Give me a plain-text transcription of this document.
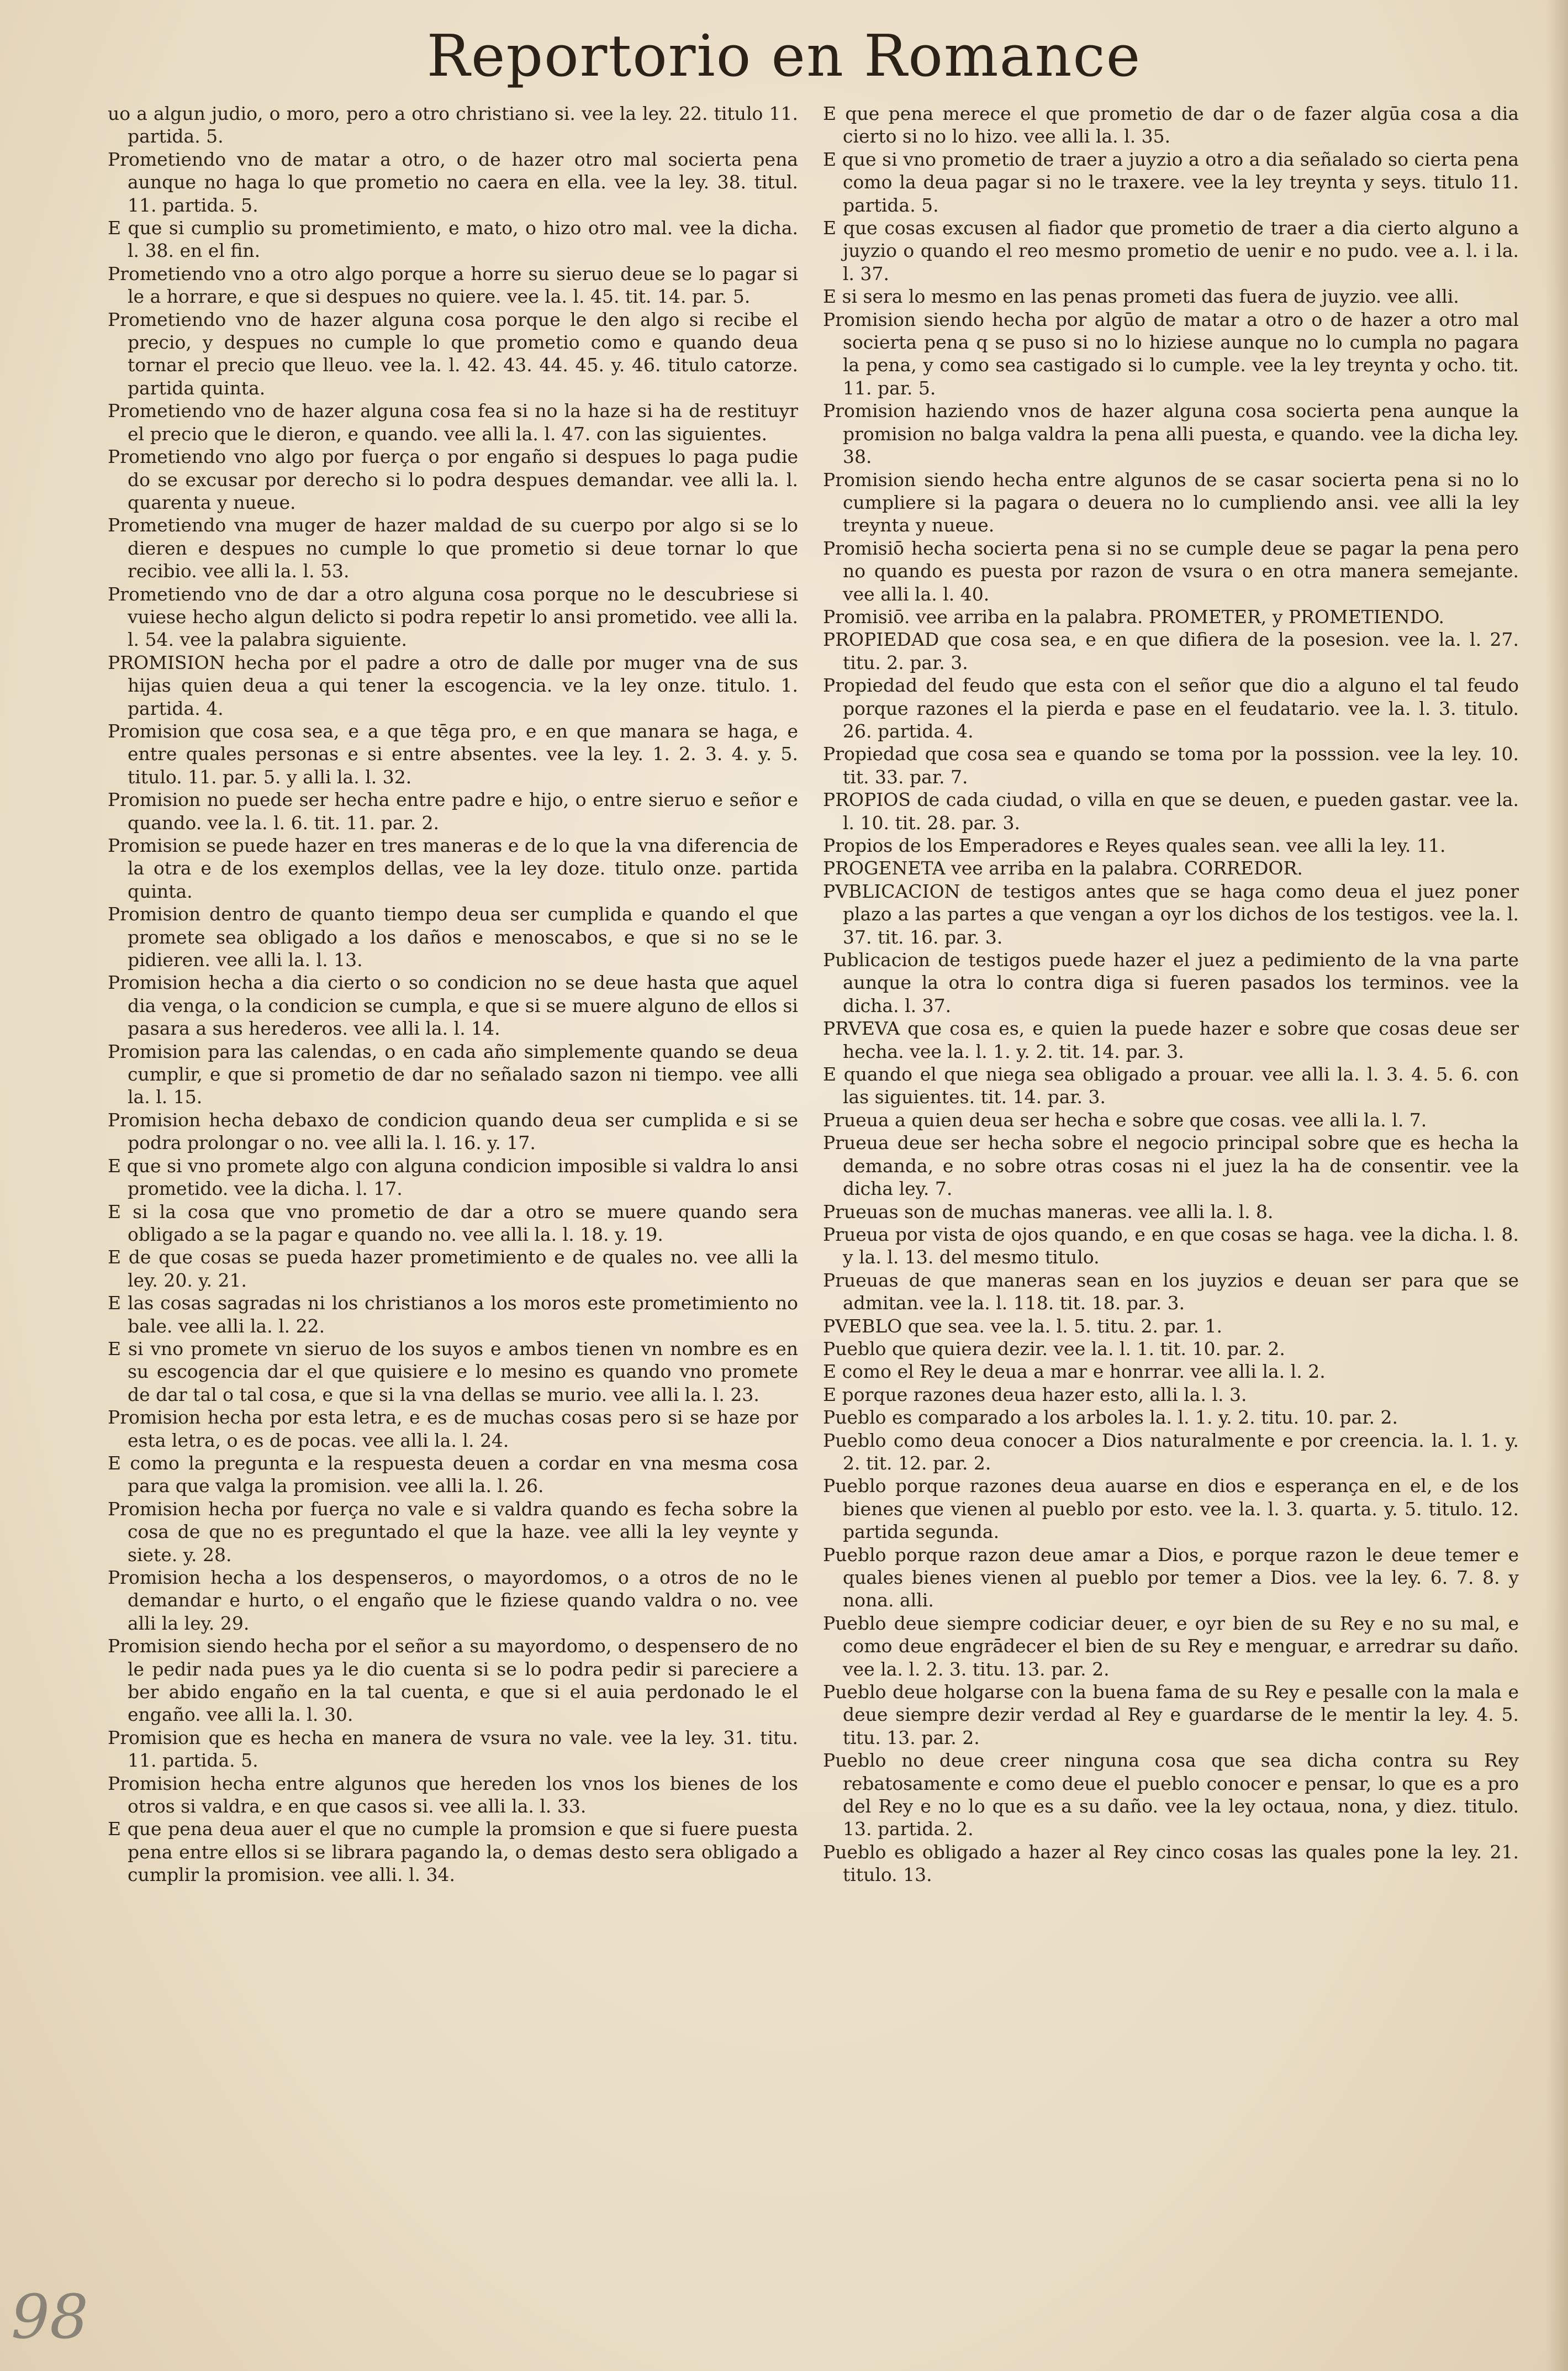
Reportorio en Romance
uo a algun judio, o moro, pero a otro christiano si. vee la ley. 22. titulo 11. partida. 5.
Prometiendo vno de matar a otro, o de hazer otro mal socierta pena aunque no haga lo que prometio no caera en ella. vee la ley. 38. titul. 11. partida. 5.
E que si cumplio su prometimiento, e mato, o hizo otro mal. vee la dicha. l. 38. en el fin.
Prometiendo vno a otro algo porque a horre su sieruo deue se lo pagar si le a horrare, e que si despues no quiere. vee la. l. 45. tit. 14. par. 5.
Prometiendo vno de hazer alguna cosa porque le den algo si recibe el precio, y despues no cumple lo que prometio como e quando deua tornar el precio que lleuo. vee la. l. 42. 43. 44. 45. y. 46. titulo catorze. partida quinta.
Prometiendo vno de hazer alguna cosa fea si no la haze si ha de restituyr el precio que le dieron, e quando. vee alli la. l. 47. con las siguientes.
Prometiendo vno algo por fuerça o por engaño si despues lo paga pudie do se excusar por derecho si lo podra despues demandar. vee alli la. l. quarenta y nueue.
Prometiendo vna muger de hazer maldad de su cuerpo por algo si se lo dieren e despues no cumple lo que prometio si deue tornar lo que recibio. vee alli la. l. 53.
Prometiendo vno de dar a otro alguna cosa porque no le descubriese si vuiese hecho algun delicto si podra repetir lo ansi prometido. vee alli la. l. 54. vee la palabra siguiente.
PROMISION hecha por el padre a otro de dalle por muger vna de sus hijas quien deua a qui tener la escogencia. ve la ley onze. titulo. 1. partida. 4.
Promision que cosa sea, e a que tēga pro, e en que manara se haga, e entre quales personas e si entre absentes. vee la ley. 1. 2. 3. 4. y. 5. titulo. 11. par. 5. y alli la. l. 32.
Promision no puede ser hecha entre padre e hijo, o entre sieruo e señor e quando. vee la. l. 6. tit. 11. par. 2.
Promision se puede hazer en tres maneras e de lo que la vna diferencia de la otra e de los exemplos dellas, vee la ley doze. titulo onze. partida quinta.
Promision dentro de quanto tiempo deua ser cumplida e quando el que promete sea obligado a los daños e menoscabos, e que si no se le pidieren. vee alli la. l. 13.
Promision hecha a dia cierto o so condicion no se deue hasta que aquel dia venga, o la condicion se cumpla, e que si se muere alguno de ellos si pasara a sus herederos. vee alli la. l. 14.
Promision para las calendas, o en cada año simplemente quando se deua cumplir, e que si prometio de dar no señalado sazon ni tiempo. vee alli la. l. 15.
Promision hecha debaxo de condicion quando deua ser cumplida e si se podra prolongar o no. vee alli la. l. 16. y. 17.
E que si vno promete algo con alguna condicion imposible si valdra lo ansi prometido. vee la dicha. l. 17.
E si la cosa que vno prometio de dar a otro se muere quando sera obligado a se la pagar e quando no. vee alli la. l. 18. y. 19.
E de que cosas se pueda hazer prometimiento e de quales no. vee alli la ley. 20. y. 21.
E las cosas sagradas ni los christianos a los moros este prometimiento no bale. vee alli la. l. 22.
E si vno promete vn sieruo de los suyos e ambos tienen vn nombre es en su escogencia dar el que quisiere e lo mesino es quando vno promete de dar tal o tal cosa, e que si la vna dellas se murio. vee alli la. l. 23.
Promision hecha por esta letra, e es de muchas cosas pero si se haze por esta letra, o es de pocas. vee alli la. l. 24.
E como la pregunta e la respuesta deuen a cordar en vna mesma cosa para que valga la promision. vee alli la. l. 26.
Promision hecha por fuerça no vale e si valdra quando es fecha sobre la cosa de que no es preguntado el que la haze. vee alli la ley veynte y siete. y. 28.
Promision hecha a los despenseros, o mayordomos, o a otros de no le demandar e hurto, o el engaño que le fiziese quando valdra o no. vee alli la ley. 29.
Promision siendo hecha por el señor a su mayordomo, o despensero de no le pedir nada pues ya le dio cuenta si se lo podra pedir si pareciere a ber abido engaño en la tal cuenta, e que si el auia perdonado le el engaño. vee alli la. l. 30.
Promision que es hecha en manera de vsura no vale. vee la ley. 31. titu. 11. partida. 5.
Promision hecha entre algunos que hereden los vnos los bienes de los otros si valdra, e en que casos si. vee alli la. l. 33.
E que pena deua auer el que no cumple la promsion e que si fuere puesta pena entre ellos si se librara pagando la, o demas desto sera obligado a cumplir la promision. vee alli. l. 34.
E que pena merece el que prometio de dar o de fazer algūa cosa a dia cierto si no lo hizo. vee alli la. l. 35.
E que si vno prometio de traer a juyzio a otro a dia señalado so cierta pena como la deua pagar si no le traxere. vee la ley treynta y seys. titulo 11. partida. 5.
E que cosas excusen al fiador que prometio de traer a dia cierto alguno a juyzio o quando el reo mesmo prometio de uenir e no pudo. vee a. l. i la. l. 37.
E si sera lo mesmo en las penas prometi das fuera de juyzio. vee alli.
Promision siendo hecha por algūo de matar a otro o de hazer a otro mal socierta pena q se puso si no lo hiziese aunque no lo cumpla no pagara la pena, y como sea castigado si lo cumple. vee la ley treynta y ocho. tit. 11. par. 5.
Promision haziendo vnos de hazer alguna cosa socierta pena aunque la promision no balga valdra la pena alli puesta, e quando. vee la dicha ley. 38.
Promision siendo hecha entre algunos de se casar socierta pena si no lo cumpliere si la pagara o deuera no lo cumpliendo ansi. vee alli la ley treynta y nueue.
Promisiō hecha socierta pena si no se cumple deue se pagar la pena pero no quando es puesta por razon de vsura o en otra manera semejante. vee alli la. l. 40.
Promisiō. vee arriba en la palabra. PROMETER, y PROMETIENDO.
PROPIEDAD que cosa sea, e en que difiera de la posesion. vee la. l. 27. titu. 2. par. 3.
Propiedad del feudo que esta con el señor que dio a alguno el tal feudo porque razones el la pierda e pase en el feudatario. vee la. l. 3. titulo. 26. partida. 4.
Propiedad que cosa sea e quando se toma por la posssion. vee la ley. 10. tit. 33. par. 7.
PROPIOS de cada ciudad, o villa en que se deuen, e pueden gastar. vee la. l. 10. tit. 28. par. 3.
Propios de los Emperadores e Reyes quales sean. vee alli la ley. 11.
PROGENETA vee arriba en la palabra. CORREDOR.
PVBLICACION de testigos antes que se haga como deua el juez poner plazo a las partes a que vengan a oyr los dichos de los testigos. vee la. l. 37. tit. 16. par. 3.
Publicacion de testigos puede hazer el juez a pedimiento de la vna parte aunque la otra lo contra diga si fueren pasados los terminos. vee la dicha. l. 37.
PRVEVA que cosa es, e quien la puede hazer e sobre que cosas deue ser hecha. vee la. l. 1. y. 2. tit. 14. par. 3.
E quando el que niega sea obligado a prouar. vee alli la. l. 3. 4. 5. 6. con las siguientes. tit. 14. par. 3.
Prueua a quien deua ser hecha e sobre que cosas. vee alli la. l. 7.
Prueua deue ser hecha sobre el negocio principal sobre que es hecha la demanda, e no sobre otras cosas ni el juez la ha de consentir. vee la dicha ley. 7.
Prueuas son de muchas maneras. vee alli la. l. 8.
Prueua por vista de ojos quando, e en que cosas se haga. vee la dicha. l. 8. y la. l. 13. del mesmo titulo.
Prueuas de que maneras sean en los juyzios e deuan ser para que se admitan. vee la. l. 118. tit. 18. par. 3.
PVEBLO que sea. vee la. l. 5. titu. 2. par. 1.
Pueblo que quiera dezir. vee la. l. 1. tit. 10. par. 2.
E como el Rey le deua a mar e honrrar. vee alli la. l. 2.
E porque razones deua hazer esto, alli la. l. 3.
Pueblo es comparado a los arboles la. l. 1. y. 2. titu. 10. par. 2.
Pueblo como deua conocer a Dios naturalmente e por creencia. la. l. 1. y. 2. tit. 12. par. 2.
Pueblo porque razones deua auarse en dios e esperança en el, e de los bienes que vienen al pueblo por esto. vee la. l. 3. quarta. y. 5. titulo. 12. partida segunda.
Pueblo porque razon deue amar a Dios, e porque razon le deue temer e quales bienes vienen al pueblo por temer a Dios. vee la ley. 6. 7. 8. y nona. alli.
Pueblo deue siempre codiciar deuer, e oyr bien de su Rey e no su mal, e como deue engrādecer el bien de su Rey e menguar, e arredrar su daño. vee la. l. 2. 3. titu. 13. par. 2.
Pueblo deue holgarse con la buena fama de su Rey e pesalle con la mala e deue siempre dezir verdad al Rey e guardarse de le mentir la ley. 4. 5. titu. 13. par. 2.
Pueblo no deue creer ninguna cosa que sea dicha contra su Rey rebatosamente e como deue el pueblo conocer e pensar, lo que es a pro del Rey e no lo que es a su daño. vee la ley octaua, nona, y diez. titulo. 13. partida. 2.
Pueblo es obligado a hazer al Rey cinco cosas las quales pone la ley. 21. titulo. 13.
98
